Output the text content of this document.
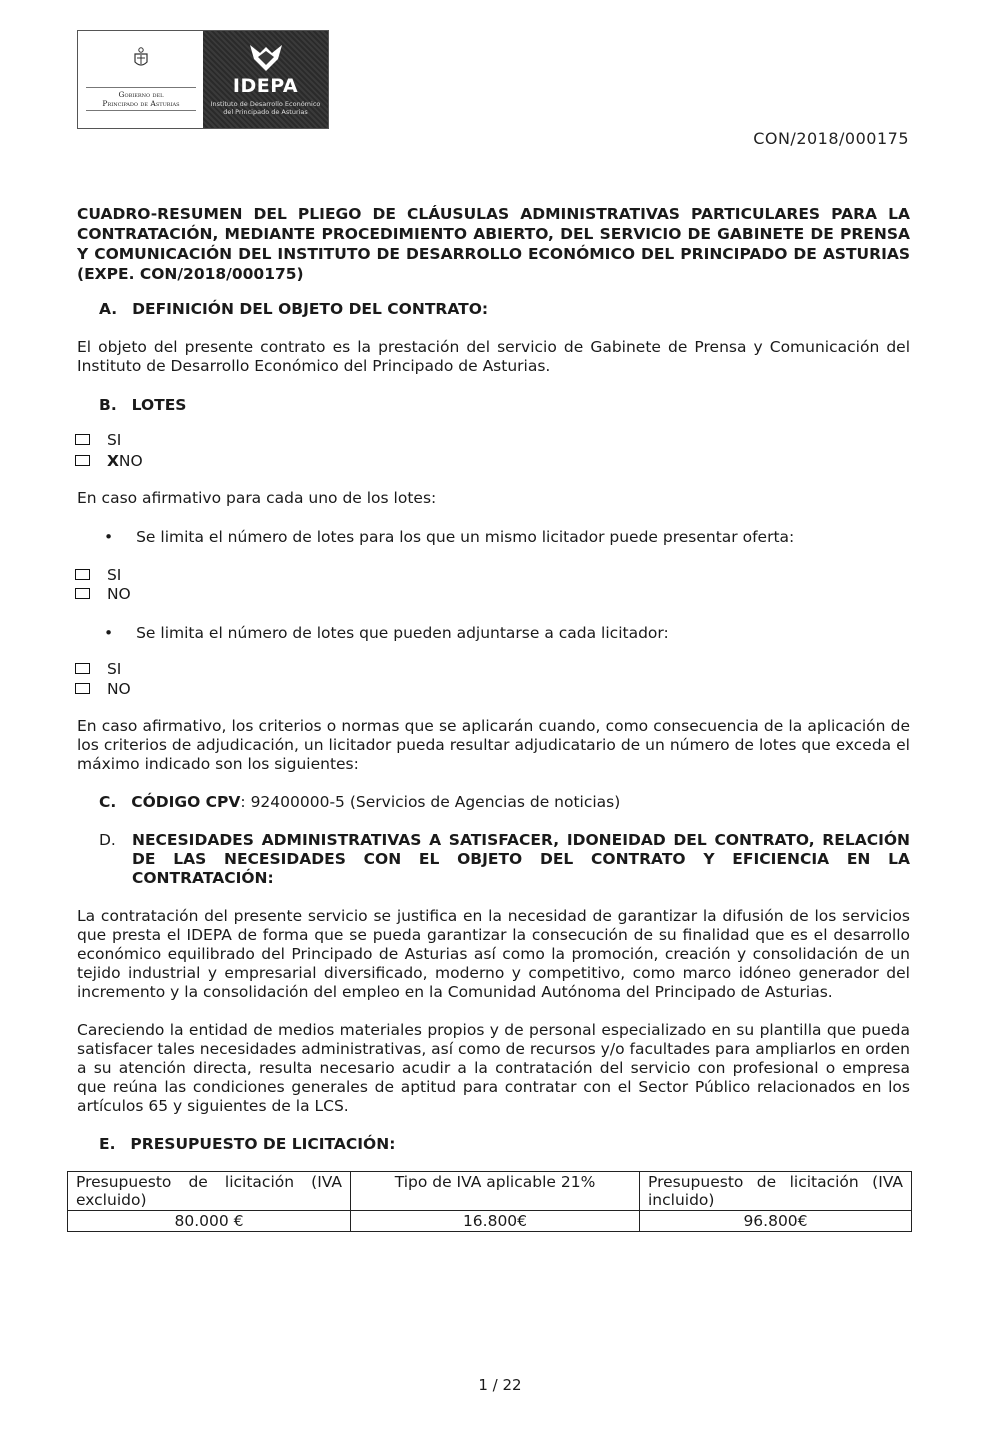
Gobierno del
Principado de Asturias
IDEPA
Instituto de Desarrollo Económico
del Principado de Asturias
CON/2018/000175
CUADRO-RESUMEN DEL PLIEGO DE CLÁUSULAS ADMINISTRATIVAS PARTICULARES PARA LA CONTRATACIÓN, MEDIANTE PROCEDIMIENTO ABIERTO, DEL SERVICIO DE GABINETE DE PRENSA Y COMUNICACIÓN DEL INSTITUTO DE DESARROLLO ECONÓMICO DEL PRINCIPADO DE ASTURIAS (EXPE. CON/2018/000175)
A. DEFINICIÓN DEL OBJETO DEL CONTRATO:
El objeto del presente contrato es la prestación del servicio de Gabinete de Prensa y Comunicación del Instituto de Desarrollo Económico del Principado de Asturias.
B. LOTES
SI
XNO
En caso afirmativo para cada uno de los lotes:
• Se limita el número de lotes para los que un mismo licitador puede presentar oferta:
SI
NO
• Se limita el número de lotes que pueden adjuntarse a cada licitador:
SI
NO
En caso afirmativo, los criterios o normas que se aplicarán cuando, como consecuencia de la aplicación de los criterios de adjudicación, un licitador pueda resultar adjudicatario de un número de lotes que exceda el máximo indicado son los siguientes:
C. CÓDIGO CPV: 92400000-5 (Servicios de Agencias de noticias)
D. NECESIDADES ADMINISTRATIVAS A SATISFACER, IDONEIDAD DEL CONTRATO, RELACIÓN DE LAS NECESIDADES CON EL OBJETO DEL CONTRATO Y EFICIENCIA EN LA CONTRATACIÓN:
La contratación del presente servicio se justifica en la necesidad de garantizar la difusión de los servicios que presta el IDEPA de forma que se pueda garantizar la consecución de su finalidad que es el desarrollo económico equilibrado del Principado de Asturias así como la promoción, creación y consolidación de un tejido industrial y empresarial diversificado, moderno y competitivo, como marco idóneo generador del incremento y la consolidación del empleo en la Comunidad Autónoma del Principado de Asturias.
Careciendo la entidad de medios materiales propios y de personal especializado en su plantilla que pueda satisfacer tales necesidades administrativas, así como de recursos y/o facultades para ampliarlos en orden a su atención directa, resulta necesario acudir a la contratación del servicio con profesional o empresa que reúna las condiciones generales de aptitud para contratar con el Sector Público relacionados en los artículos 65 y siguientes de la LCS.
E. PRESUPUESTO DE LICITACIÓN:
Presupuesto de licitación (IVA excluido)	Tipo de IVA aplicable 21%	Presupuesto de licitación (IVA incluido)
80.000 €	16.800€	96.800€
1 / 22
